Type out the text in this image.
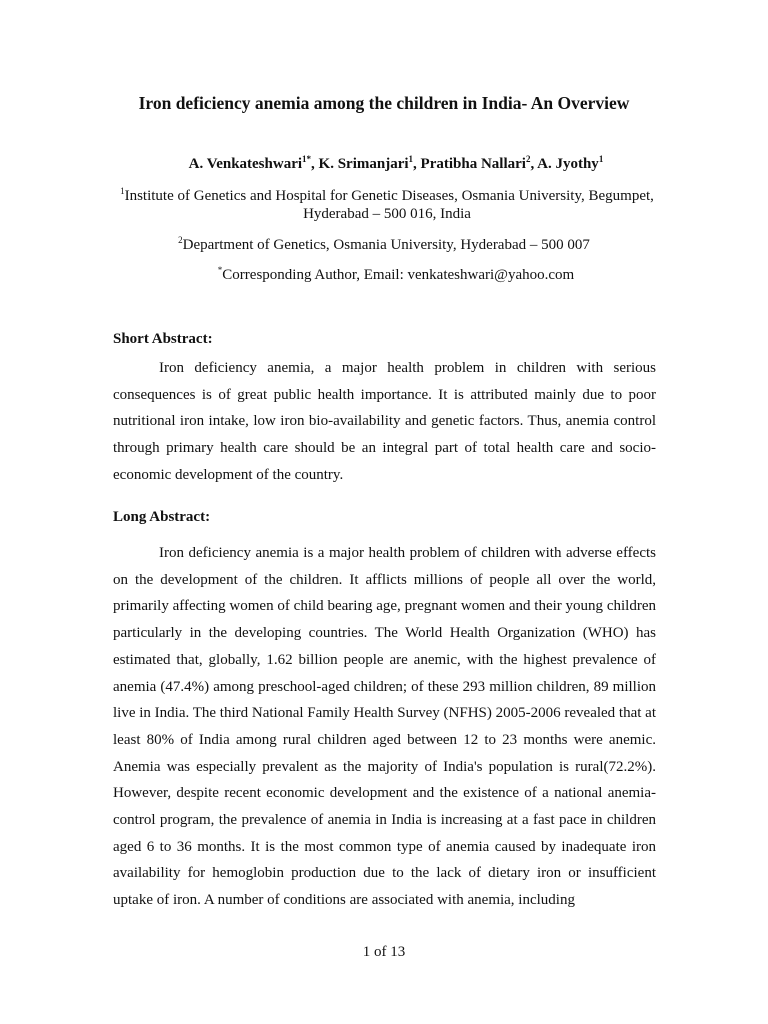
Iron deficiency anemia among the children in India- An Overview
A. Venkateshwari$^{1*}$, K. Srimanjari$^1$, Pratibha Nallari$^2$, A. Jyothy$^1$
$^1$Institute of Genetics and Hospital for Genetic Diseases, Osmania University, Begumpet, Hyderabad – 500 016, India
$^2$Department of Genetics, Osmania University, Hyderabad – 500 007
*Corresponding Author, Email: venkateshwari@yahoo.com
Short Abstract:

Iron deficiency anemia, a major health problem in children with serious consequences is of great public health importance. It is attributed mainly due to poor nutritional iron intake, low iron bio-availability and genetic factors. Thus, anemia control through primary health care should be an integral part of total health care and socio-economic development of the country.

Long Abstract:

Iron deficiency anemia is a major health problem of children with adverse effects on the development of the children. It afflicts millions of people all over the world, primarily affecting women of child bearing age, pregnant women and their young children particularly in the developing countries. The World Health Organization (WHO) has estimated that, globally, 1.62 billion people are anemic, with the highest prevalence of anemia (47.4%) among preschool-aged children; of these 293 million children, 89 million live in India. The third National Family Health Survey (NFHS) 2005-2006 revealed that at least 80% of India among rural children aged between 12 to 23 months were anemic. Anemia was especially prevalent as the majority of India's population is rural(72.2%). However, despite recent economic development and the existence of a national anemia-control program, the prevalence of anemia in India is increasing at a fast pace in children aged 6 to 36 months. It is the most common type of anemia caused by inadequate iron availability for hemoglobin production due to the lack of dietary iron or insufficient uptake of iron. A number of conditions are associated with anemia, including

1 of 13
